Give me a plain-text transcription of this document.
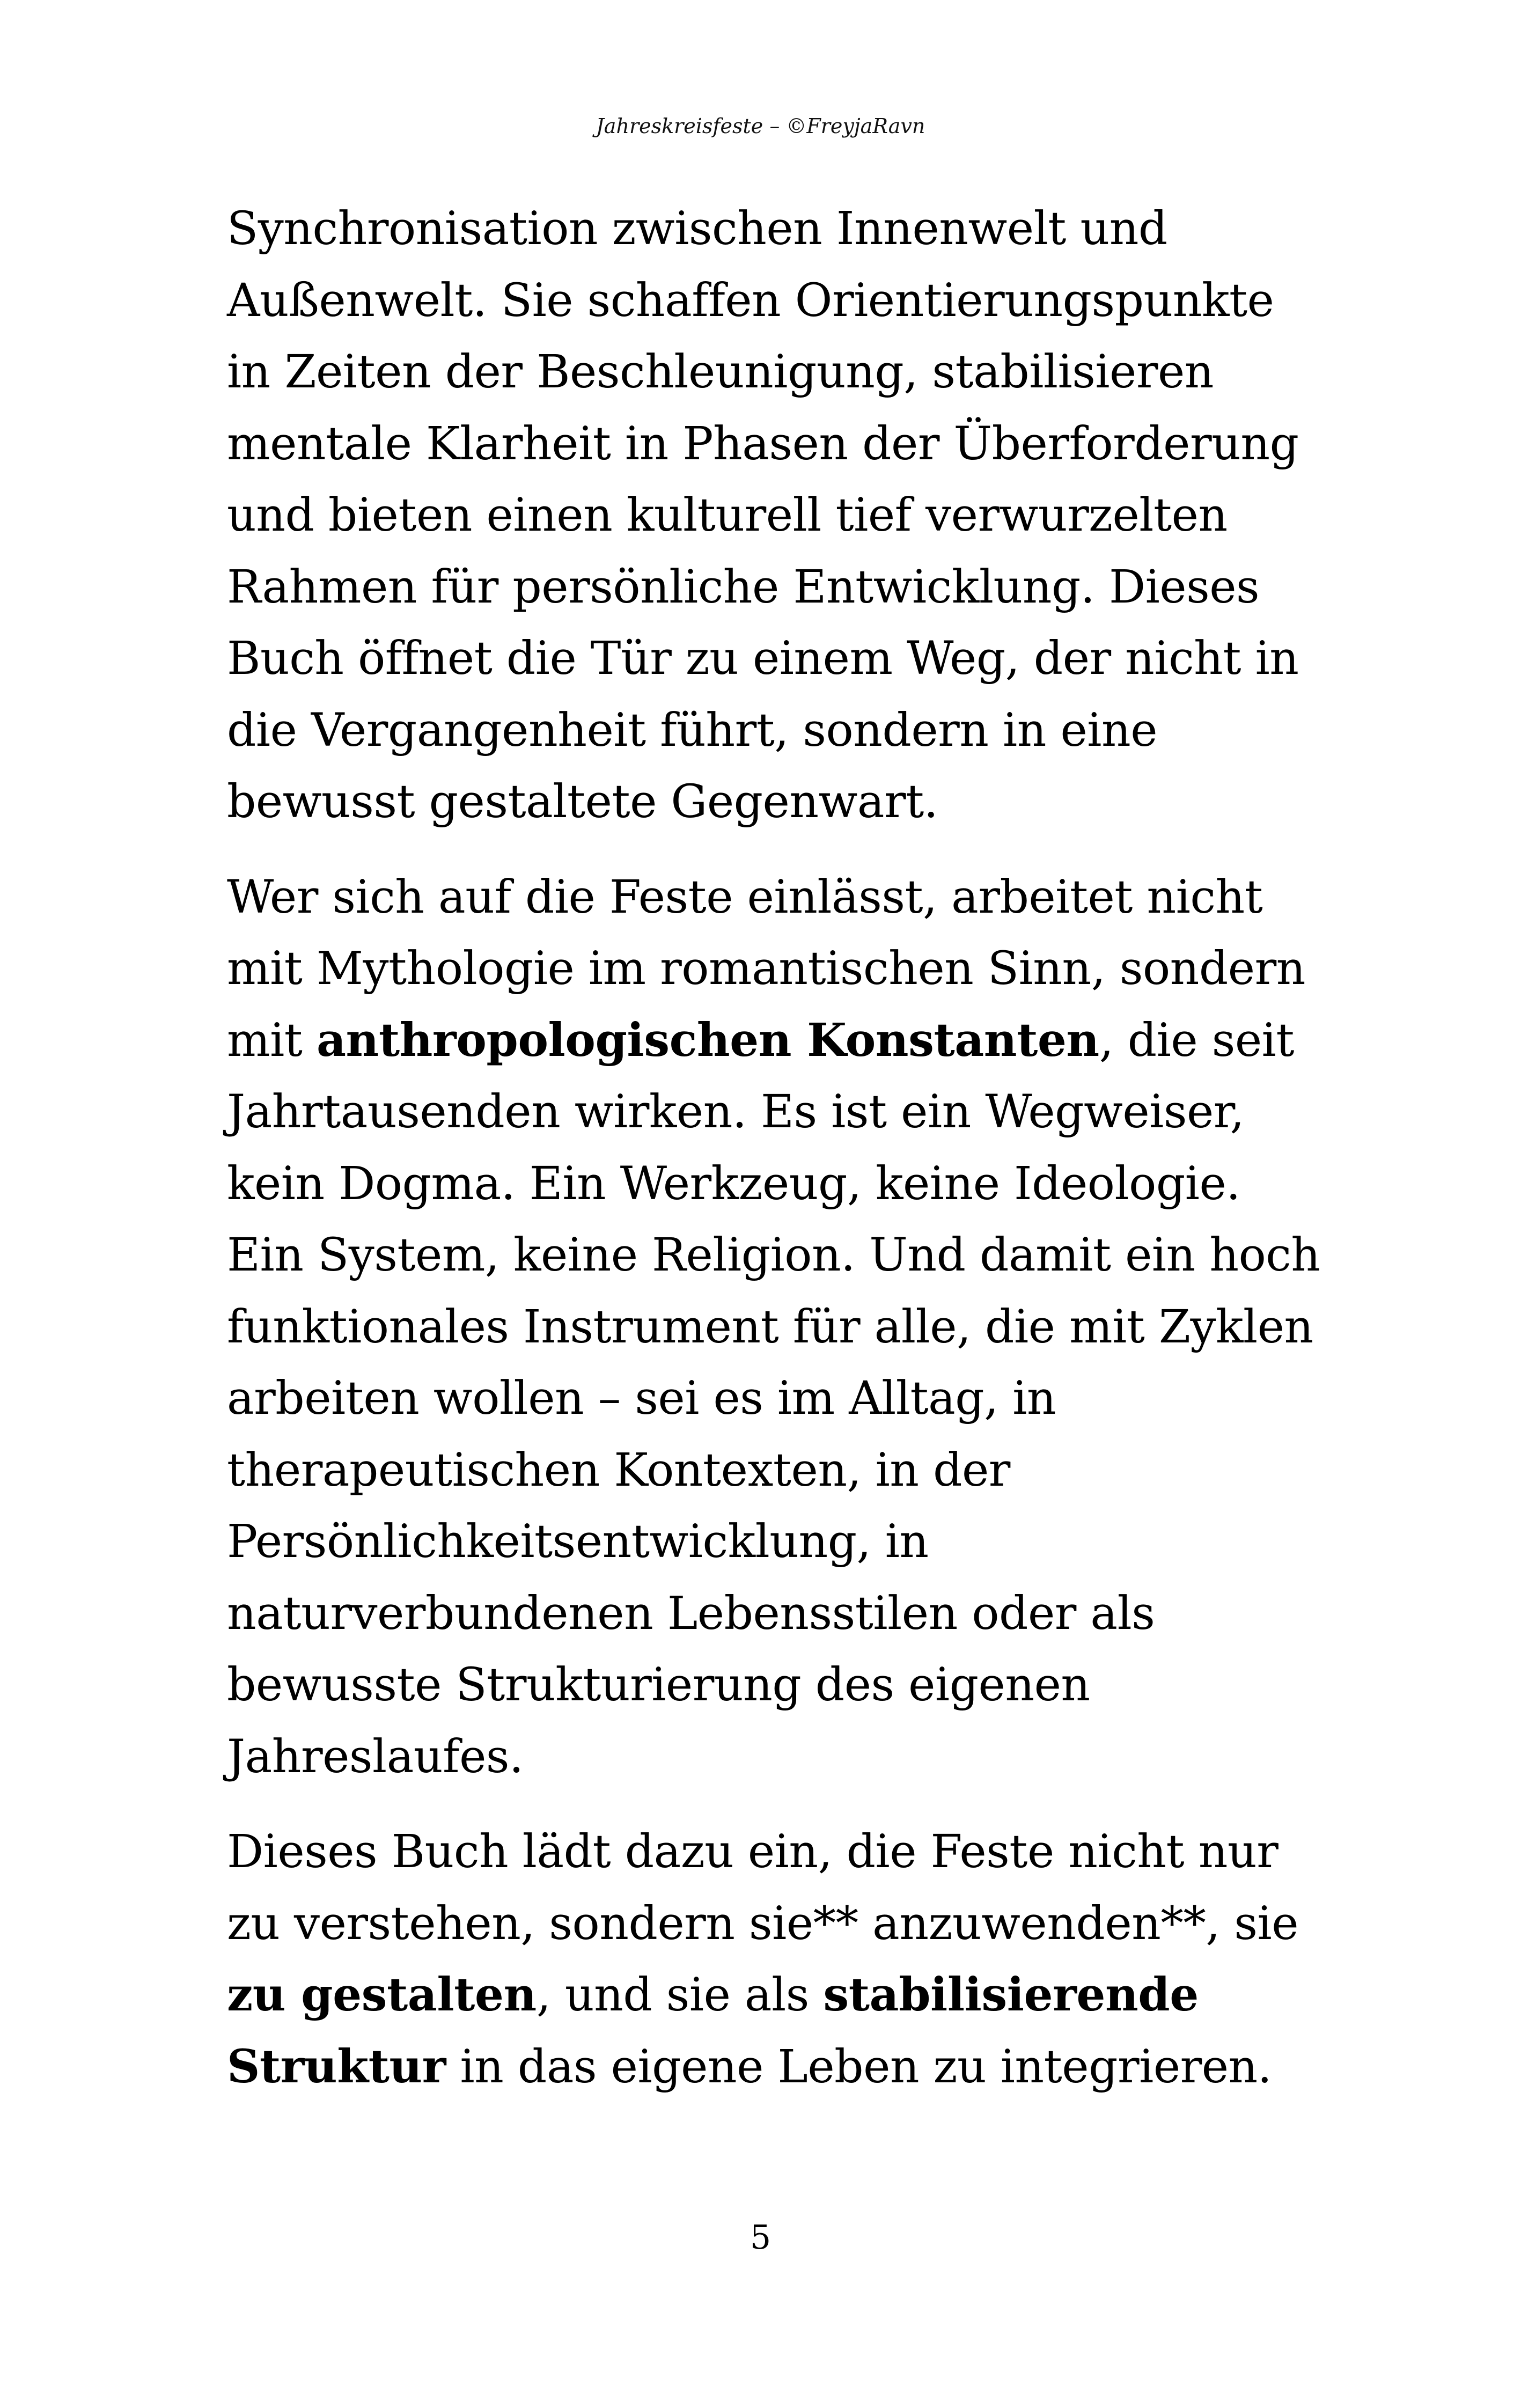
Jahreskreisfeste – ©FreyjaRavn

Synchronisation zwischen Innenwelt und
Außenwelt. Sie schaffen Orientierungspunkte
in Zeiten der Beschleunigung, stabilisieren
mentale Klarheit in Phasen der Überforderung
und bieten einen kulturell tief verwurzelten
Rahmen für persönliche Entwicklung. Dieses
Buch öffnet die Tür zu einem Weg, der nicht in
die Vergangenheit führt, sondern in eine
bewusst gestaltete Gegenwart.

Wer sich auf die Feste einlässt, arbeitet nicht
mit Mythologie im romantischen Sinn, sondern
mit anthropologischen Konstanten, die seit
Jahrtausenden wirken. Es ist ein Wegweiser,
kein Dogma. Ein Werkzeug, keine Ideologie.
Ein System, keine Religion. Und damit ein hoch
funktionales Instrument für alle, die mit Zyklen
arbeiten wollen – sei es im Alltag, in
therapeutischen Kontexten, in der
Persönlichkeitsentwicklung, in
naturverbundenen Lebensstilen oder als
bewusste Strukturierung des eigenen
Jahreslaufes.

Dieses Buch lädt dazu ein, die Feste nicht nur
zu verstehen, sondern sie** anzuwenden**, sie
zu gestalten, und sie als stabilisierende
Struktur in das eigene Leben zu integrieren.

5
